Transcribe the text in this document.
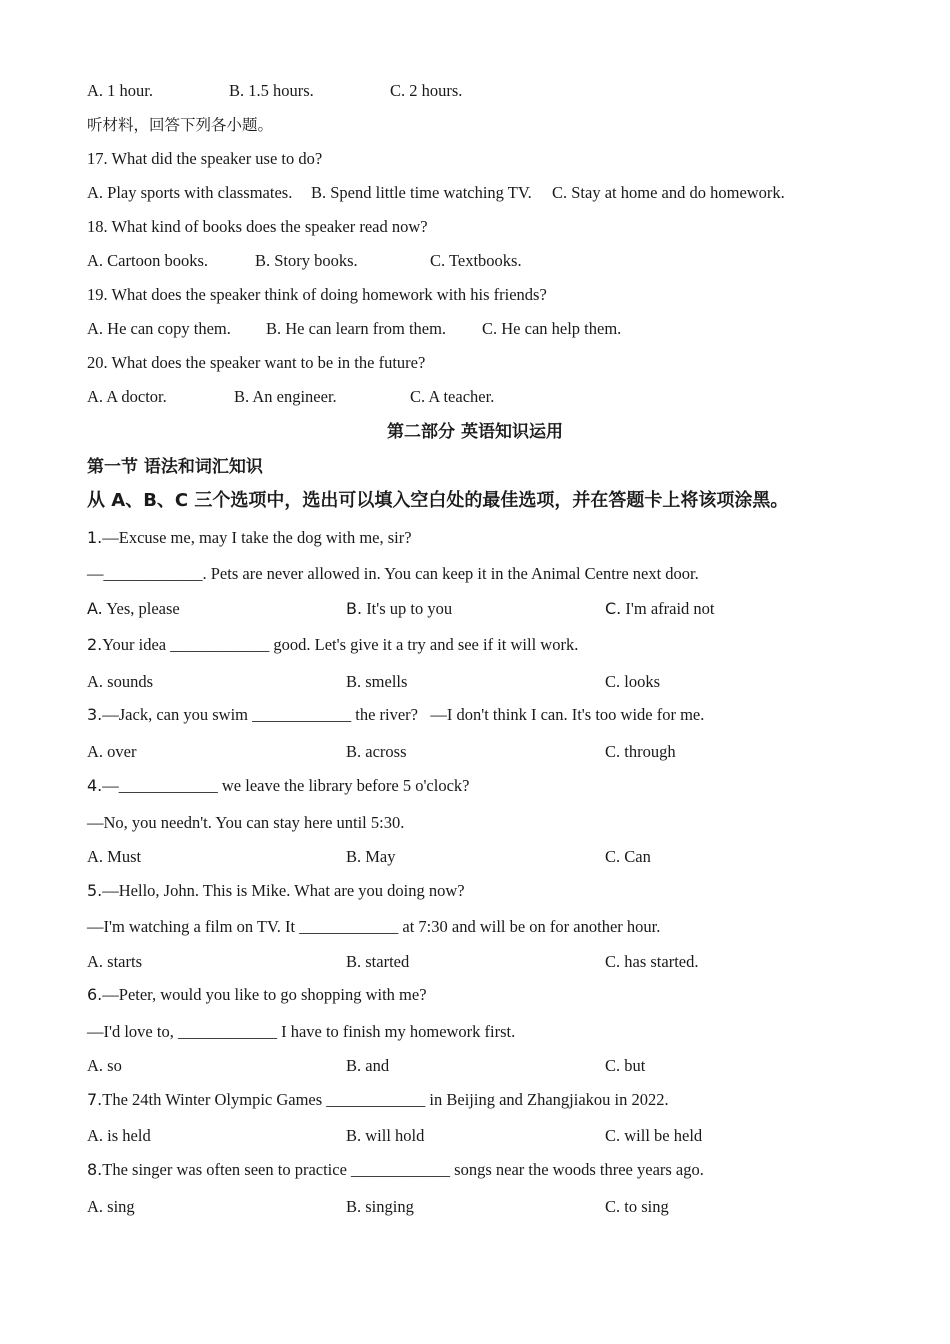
A. 1 hour.	B. 1.5 hours.	C. 2 hours.
听材料，回答下列各小题。
17. What did the speaker use to do?
A. Play sports with classmates. B. Spend little time watching TV. C. Stay at home and do homework.
18. What kind of books does the speaker read now?
A. Cartoon books.	B. Story books.	C. Textbooks.
19. What does the speaker think of doing homework with his friends?
A. He can copy them. B. He can learn from them. C. He can help them.
20. What does the speaker want to be in the future?
A. A doctor.	B. An engineer.	C. A teacher.
第二部分 英语知识运用
第一节 语法和词汇知识
从 A、B、C 三个选项中，选出可以填入空白处的最佳选项，并在答题卡上将该项涂黑。
1.—Excuse me, may I take the dog with me, sir?
—____________. Pets are never allowed in. You can keep it in the Animal Centre next door.
A. Yes, please	B. It's up to you	C. I'm afraid not
2.Your idea ____________ good. Let's give it a try and see if it will work.
A. sounds	B. smells	C. looks
3.—Jack, can you swim ____________ the river?   —I don't think I can. It's too wide for me.
A. over	B. across	C. through
4.—____________ we leave the library before 5 o'clock?
—No, you needn't. You can stay here until 5:30.
A. Must	B. May	C. Can
5.—Hello, John. This is Mike. What are you doing now?
—I'm watching a film on TV. It ____________ at 7:30 and will be on for another hour.
A. starts	B. started	C. has started.
6.—Peter, would you like to go shopping with me?
—I'd love to, ____________ I have to finish my homework first.
A. so	B. and	C. but
7.The 24th Winter Olympic Games ____________ in Beijing and Zhangjiakou in 2022.
A. is held	B. will hold	C. will be held
8.The singer was often seen to practice ____________ songs near the woods three years ago.
A. sing	B. singing	C. to sing
